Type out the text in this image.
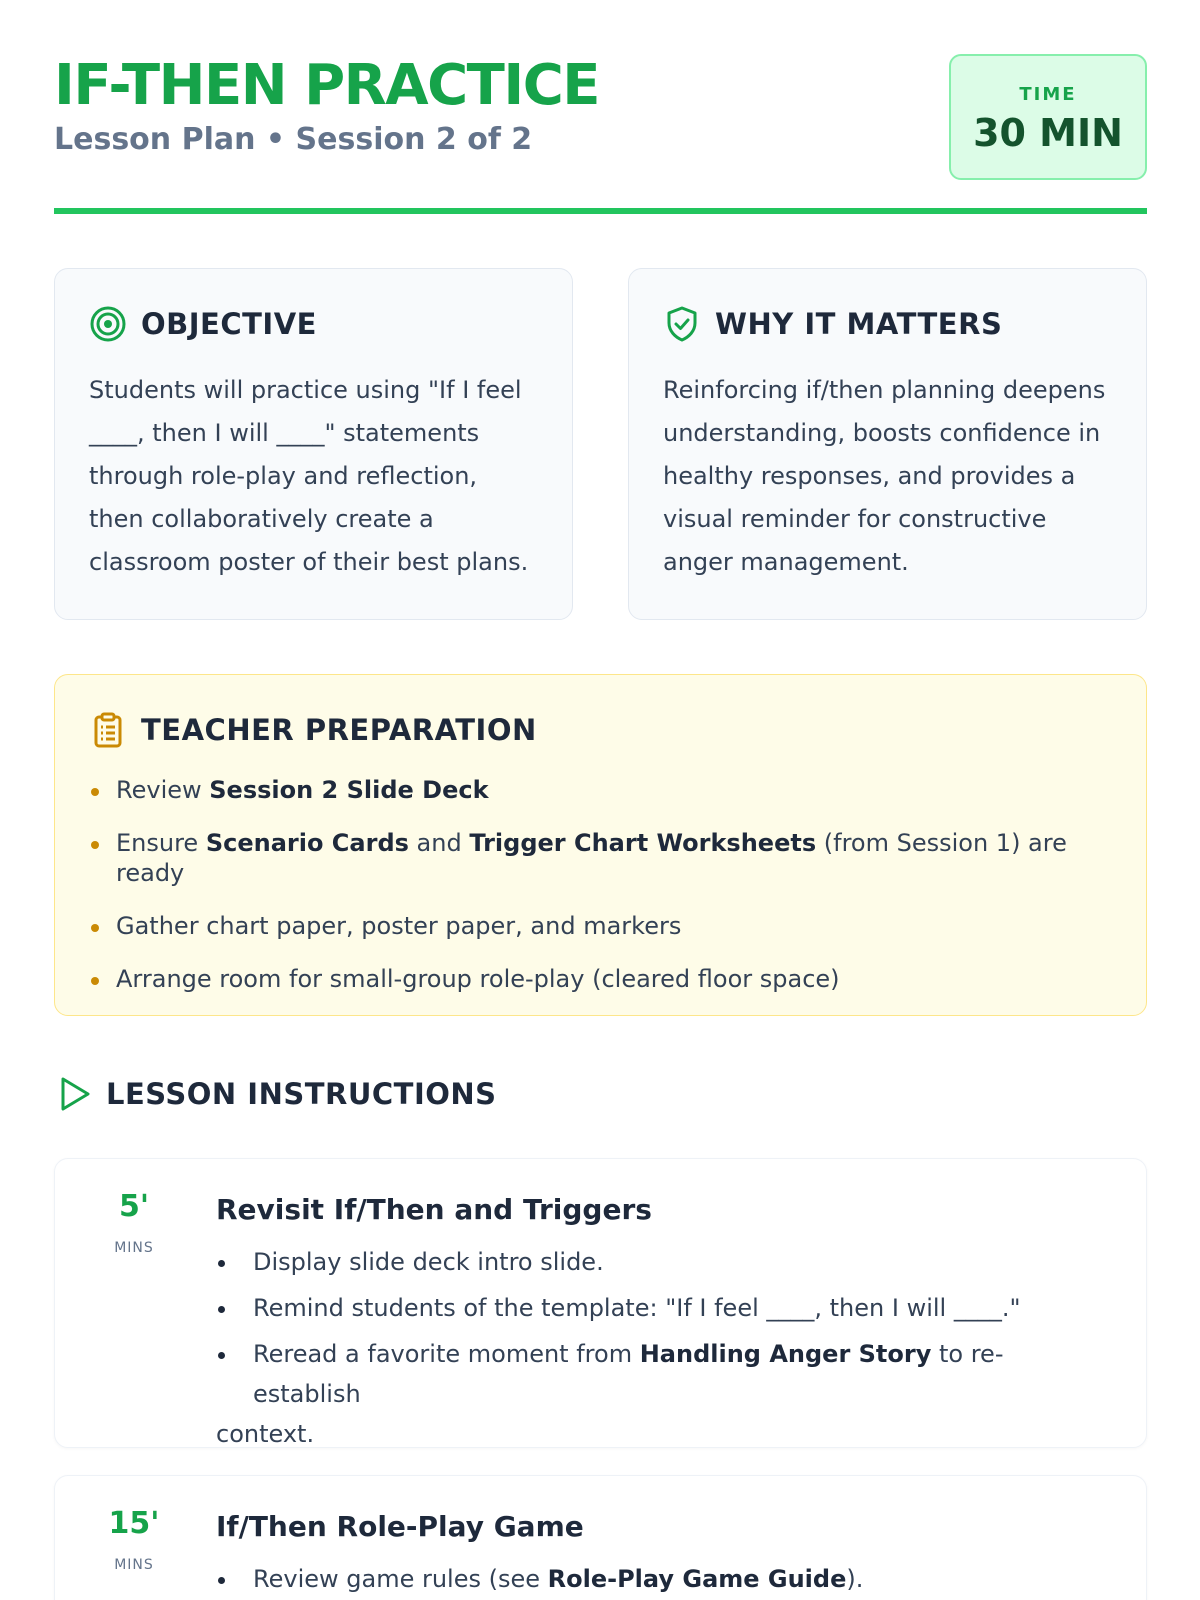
IF-THEN PRACTICE
Lesson Plan • Session 2 of 2
TIME
30 MIN
OBJECTIVE

Students will practice using "If I feel ____, then I will ____" statements through role-play and reflection, then collaboratively create a classroom poster of their best plans.

WHY IT MATTERS

Reinforcing if/then planning deepens understanding, boosts confidence in healthy responses, and provides a visual reminder for constructive anger management.

TEACHER PREPARATION
Review Session 2 Slide Deck
Ensure Scenario Cards and Trigger Chart Worksheets (from Session 1) are ready
Gather chart paper, poster paper, and markers
Arrange room for small-group role-play (cleared floor space)
LESSON INSTRUCTIONS
5'
MINS
Revisit If/Then and Triggers
Display slide deck intro slide.
Remind students of the template: "If I feel ____, then I will ____."
Reread a favorite moment from Handling Anger Story to re-establish
context.
15'
MINS
If/Then Role-Play Game
Review game rules (see Role-Play Game Guide).
